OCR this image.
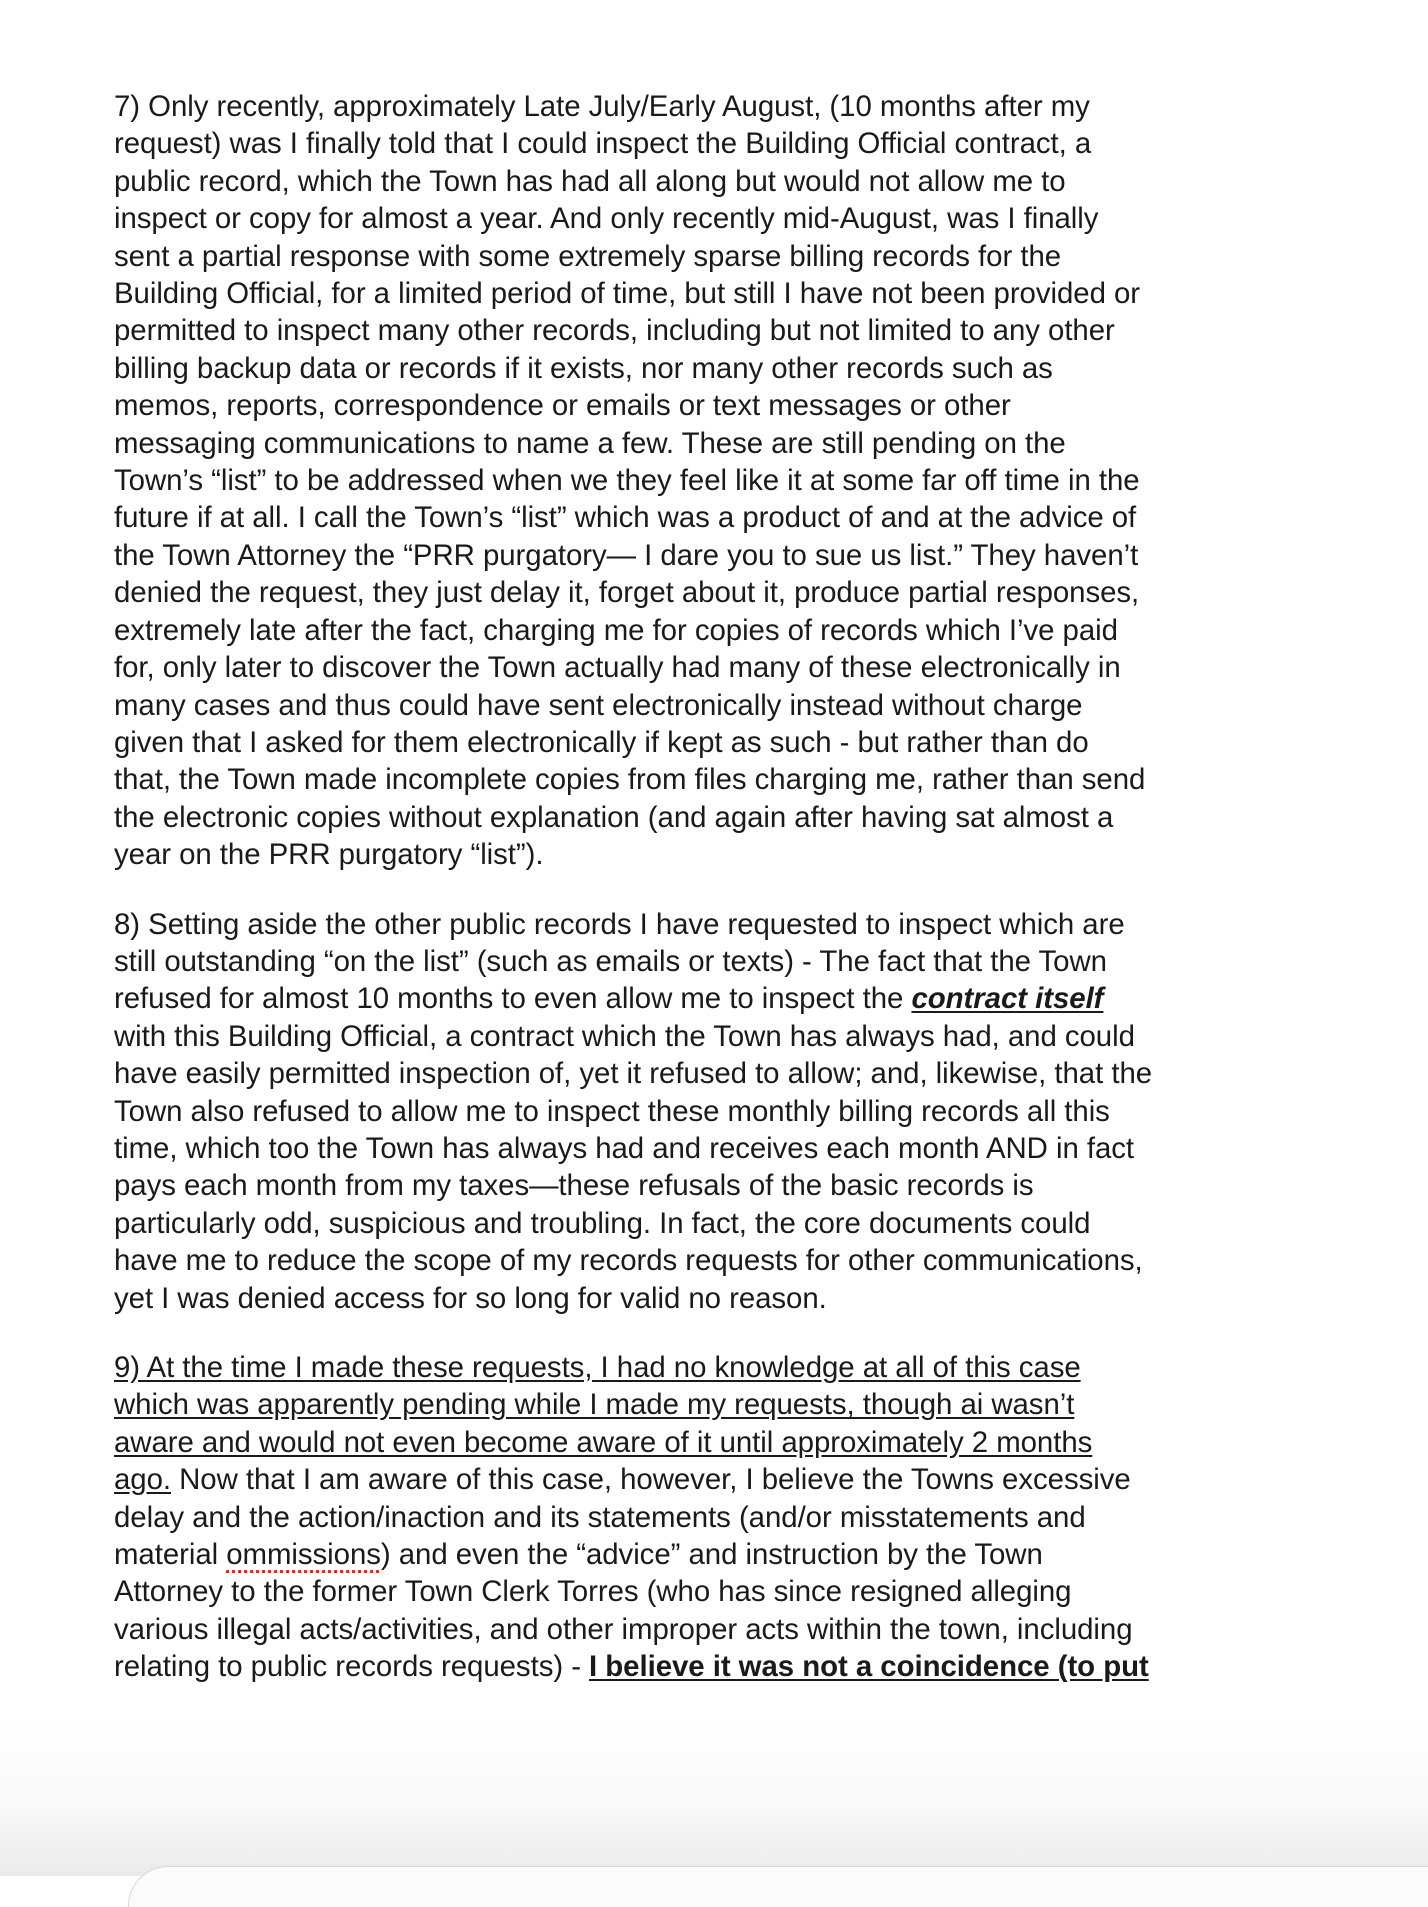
7) Only recently, approximately Late July/Early August, (10 months after my
request) was I finally told that I could inspect the Building Official contract, a
public record, which the Town has had all along but would not allow me to
inspect or copy for almost a year. And only recently mid-August, was I finally
sent a partial response with some extremely sparse billing records for the
Building Official, for a limited period of time, but still I have not been provided or
permitted to inspect many other records, including but not limited to any other
billing backup data or records if it exists, nor many other records such as
memos, reports, correspondence or emails or text messages or other
messaging communications to name a few. These are still pending on the
Town’s “list” to be addressed when we they feel like it at some far off time in the
future if at all. I call the Town’s “list” which was a product of and at the advice of
the Town Attorney the “PRR purgatory— I dare you to sue us list.” They haven’t
denied the request, they just delay it, forget about it, produce partial responses,
extremely late after the fact, charging me for copies of records which I’ve paid
for, only later to discover the Town actually had many of these electronically in
many cases and thus could have sent electronically instead without charge
given that I asked for them electronically if kept as such - but rather than do
that, the Town made incomplete copies from files charging me, rather than send
the electronic copies without explanation (and again after having sat almost a
year on the PRR purgatory “list”).

8) Setting aside the other public records I have requested to inspect which are
still outstanding “on the list” (such as emails or texts) - The fact that the Town
refused for almost 10 months to even allow me to inspect the contract itself
with this Building Official, a contract which the Town has always had, and could
have easily permitted inspection of, yet it refused to allow; and, likewise, that the
Town also refused to allow me to inspect these monthly billing records all this
time, which too the Town has always had and receives each month AND in fact
pays each month from my taxes—these refusals of the basic records is
particularly odd, suspicious and troubling. In fact, the core documents could
have me to reduce the scope of my records requests for other communications,
yet I was denied access for so long for valid no reason.

9) At the time I made these requests, I had no knowledge at all of this case
which was apparently pending while I made my requests, though ai wasn’t
aware and would not even become aware of it until approximately 2 months
ago. Now that I am aware of this case, however, I believe the Towns excessive
delay and the action/inaction and its statements (and/or misstatements and
material ommissions) and even the “advice” and instruction by the Town
Attorney to the former Town Clerk Torres (who has since resigned alleging
various illegal acts/activities, and other improper acts within the town, including
relating to public records requests) - I believe it was not a coincidence (to put
